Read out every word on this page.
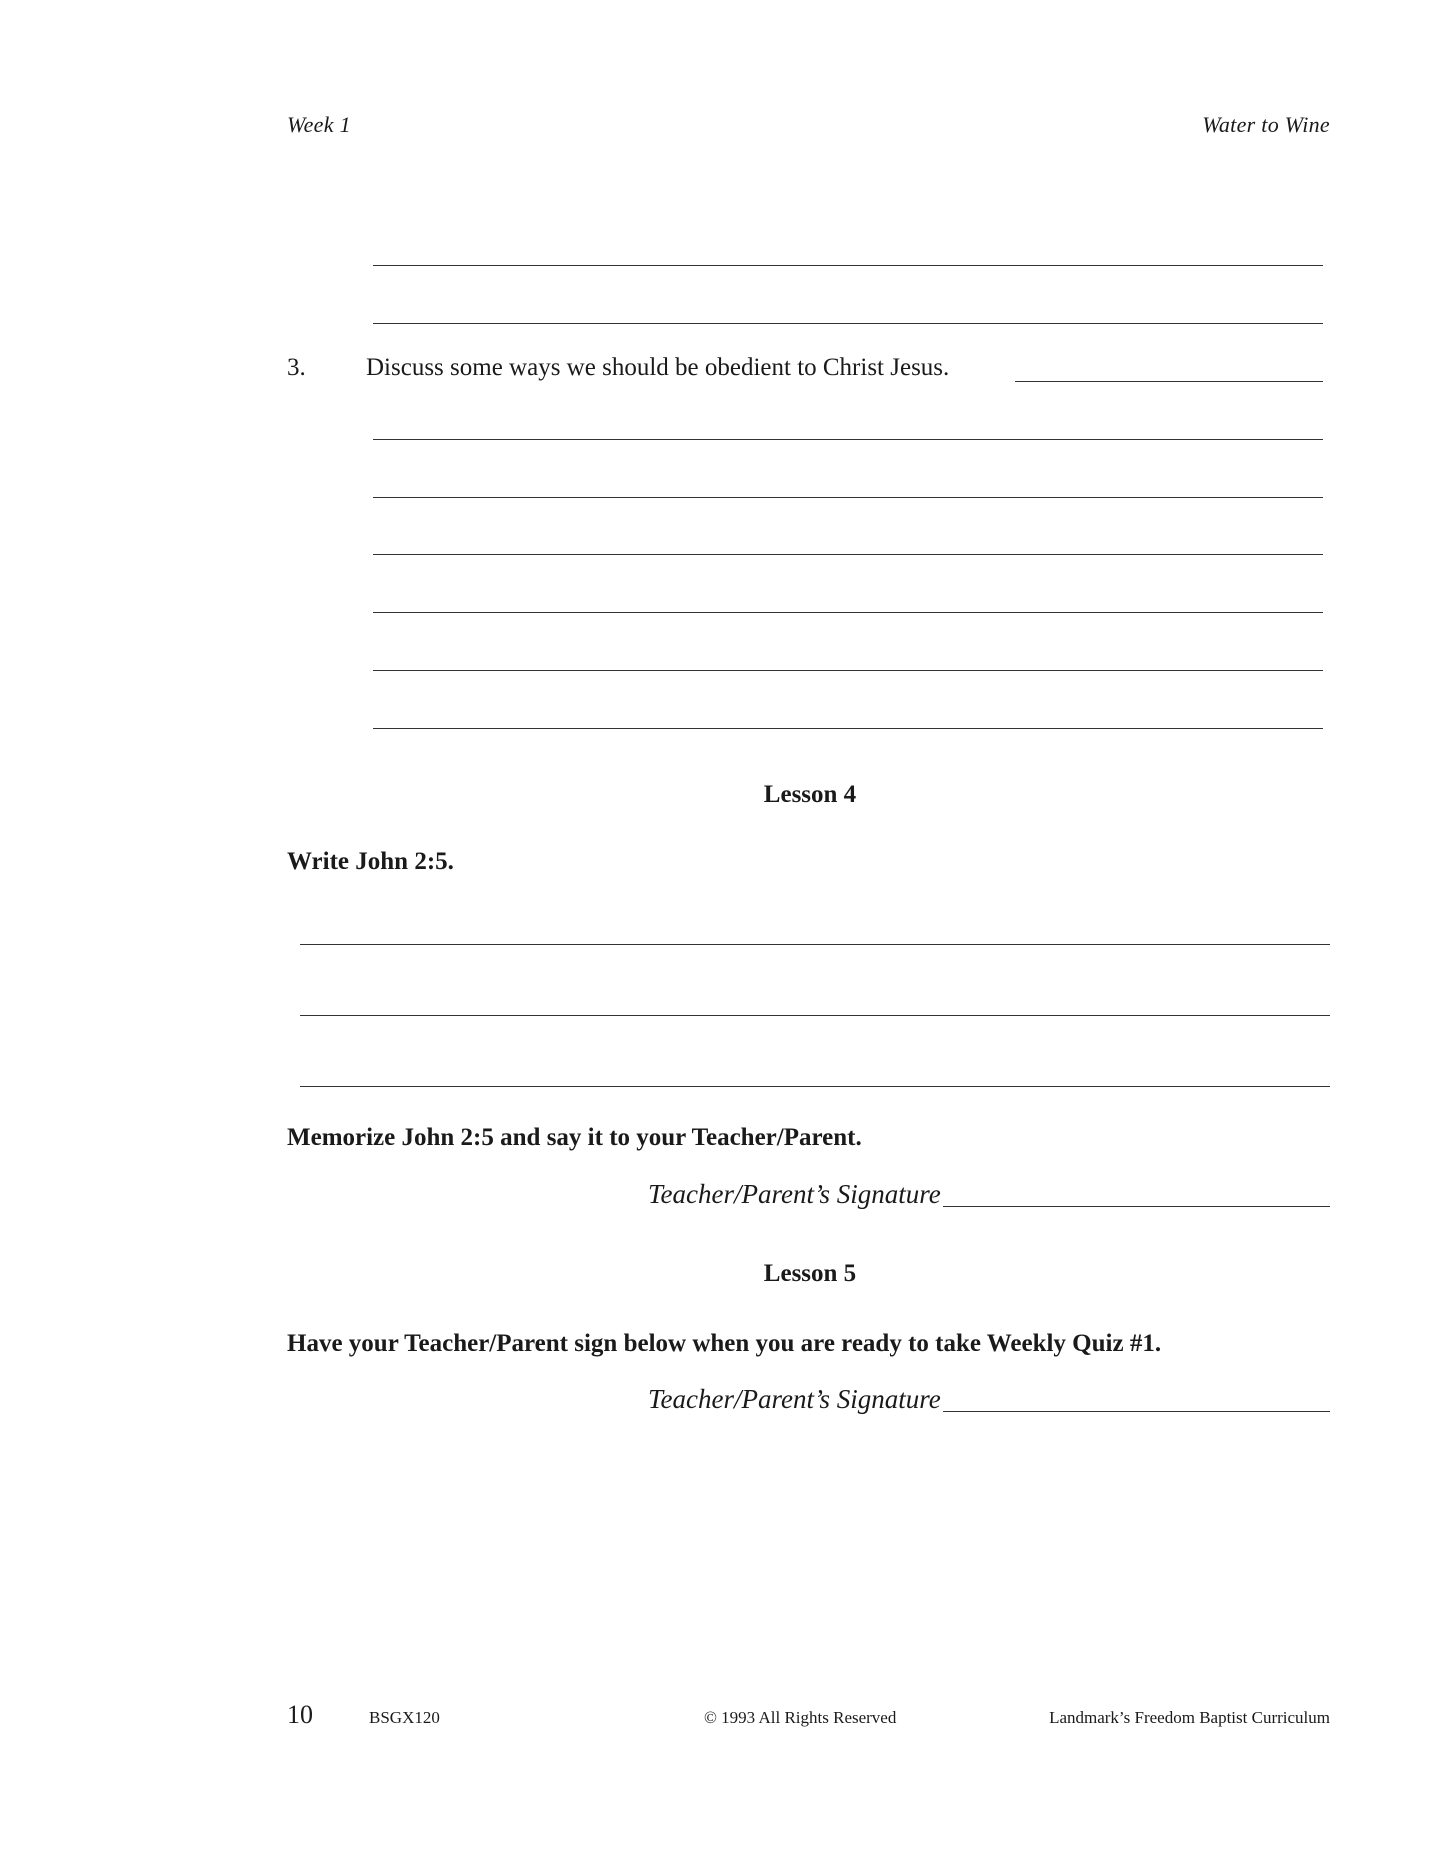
Week 1	Water to Wine
3. Discuss some ways we should be obedient to Christ Jesus.
Lesson 4
Write John 2:5.
Memorize John 2:5 and say it to your Teacher/Parent.
Teacher/Parent’s Signature
Lesson 5
Have your Teacher/Parent sign below when you are ready to take Weekly Quiz #1.
Teacher/Parent’s Signature
10	BSGX120	© 1993 All Rights Reserved	Landmark’s Freedom Baptist Curriculum
